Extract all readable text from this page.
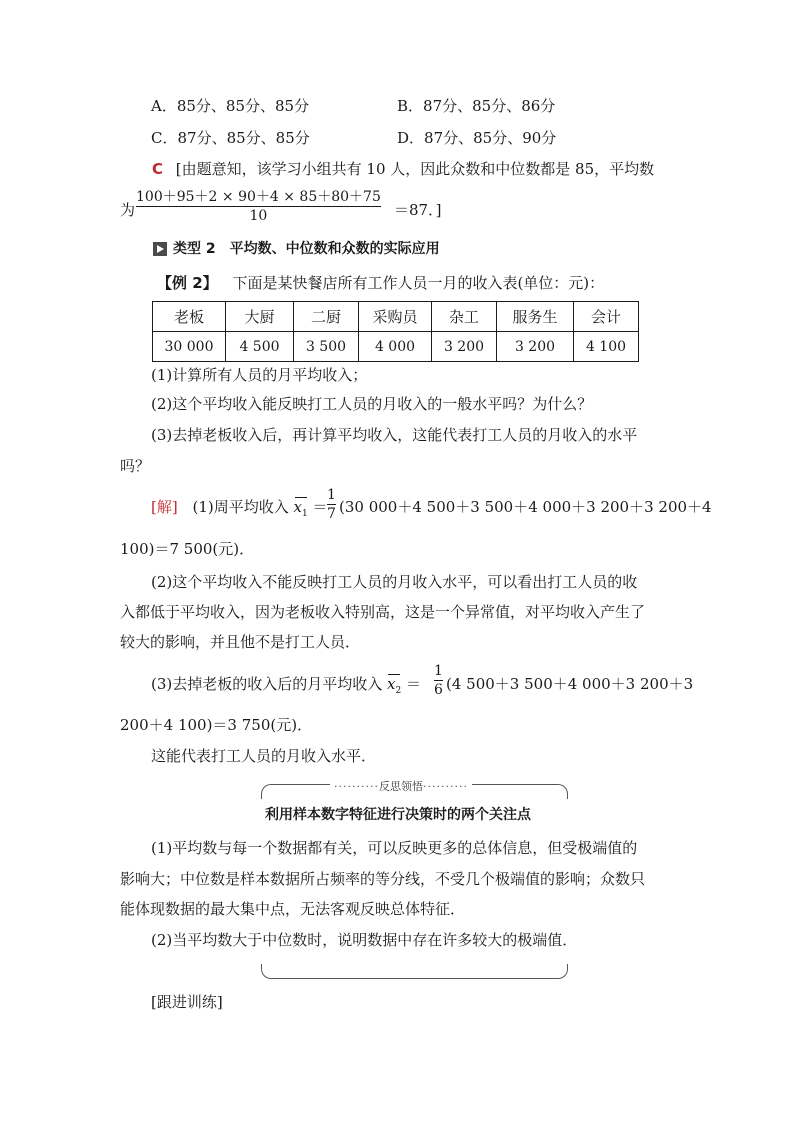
A．85分、85分、85分	B．87分、85分、86分
C．87分、85分、85分	D．87分、85分、90分
C [由题意知，该学习小组共有 10 人，因此众数和中位数都是 85，平均数
为
100＋95＋2 × 90＋4 × 85＋80＋75
10	＝87．]
类型 2　平均数、中位数和众数的实际应用
【例 2】 下面是某快餐店所有工作人员一月的收入表(单位：元)：
老板	大厨	二厨	采购员	杂工	服务生	会计
30 000	4 500	3 500	4 000	3 200	3 200	4 100
(1)计算所有人员的月平均收入；
(2)这个平均收入能反映打工人员的月收入的一般水平吗？为什么？
(3)去掉老板收入后，再计算平均收入，这能代表打工人员的月收入的水平
吗？
[解] (1)周平均收入 $x_1$ ＝
1
7 (30 000＋4 500＋3 500＋4 000＋3 200＋3 200＋4
100)＝7 500(元)．
(2)这个平均收入不能反映打工人员的月收入水平，可以看出打工人员的收
入都低于平均收入，因为老板收入特别高，这是一个异常值，对平均收入产生了
较大的影响，并且他不是打工人员．
(3)去掉老板的收入后的月平均收入 $x_2$ ＝
1
6 (4 500＋3 500＋4 000＋3 200＋3
200＋4 100)＝3 750(元)．
这能代表打工人员的月收入水平．
··········反思领悟··········
利用样本数字特征进行决策时的两个关注点
(1)平均数与每一个数据都有关，可以反映更多的总体信息，但受极端值的
影响大；中位数是样本数据所占频率的等分线，不受几个极端值的影响；众数只
能体现数据的最大集中点，无法客观反映总体特征．
(2)当平均数大于中位数时，说明数据中存在许多较大的极端值．
[跟进训练]
